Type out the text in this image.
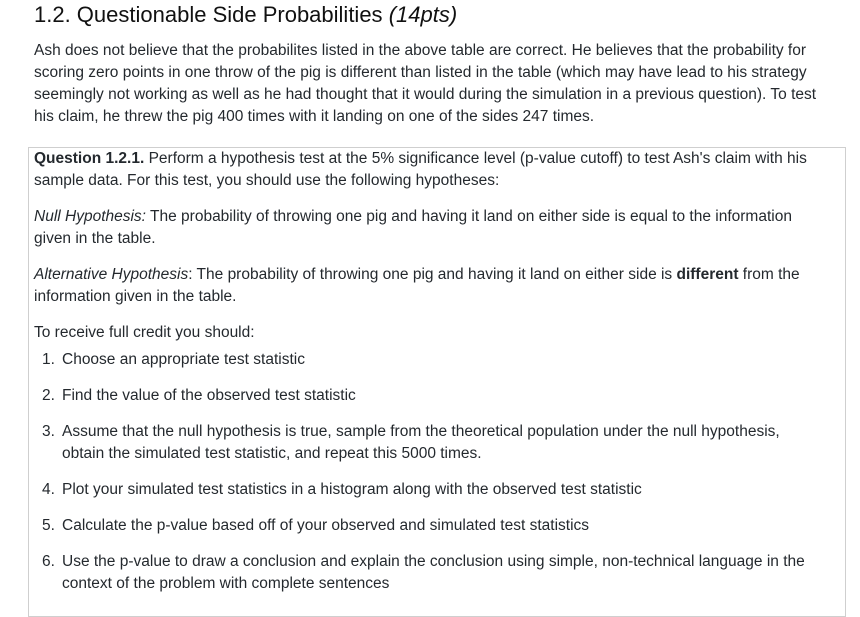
1.2. Questionable Side Probabilities (14pts)

Ash does not believe that the probabilites listed in the above table are correct. He believes that the probability for scoring zero points in one throw of the pig is different than listed in the table (which may have lead to his strategy seemingly not working as well as he had thought that it would during the simulation in a previous question). To test his claim, he threw the pig 400 times with it landing on one of the sides 247 times.

Question 1.2.1. Perform a hypothesis test at the 5% significance level (p-value cutoff) to test Ash's claim with his sample data. For this test, you should use the following hypotheses:

Null Hypothesis: The probability of throwing one pig and having it land on either side is equal to the information given in the table.

Alternative Hypothesis: The probability of throwing one pig and having it land on either side is different from the information given in the table.

To receive full credit you should:

1. Choose an appropriate test statistic
2. Find the value of the observed test statistic
3. Assume that the null hypothesis is true, sample from the theoretical population under the null hypothesis, obtain the simulated test statistic, and repeat this 5000 times.
4. Plot your simulated test statistics in a histogram along with the observed test statistic
5. Calculate the p-value based off of your observed and simulated test statistics
6. Use the p-value to draw a conclusion and explain the conclusion using simple, non-technical language in the context of the problem with complete sentences
